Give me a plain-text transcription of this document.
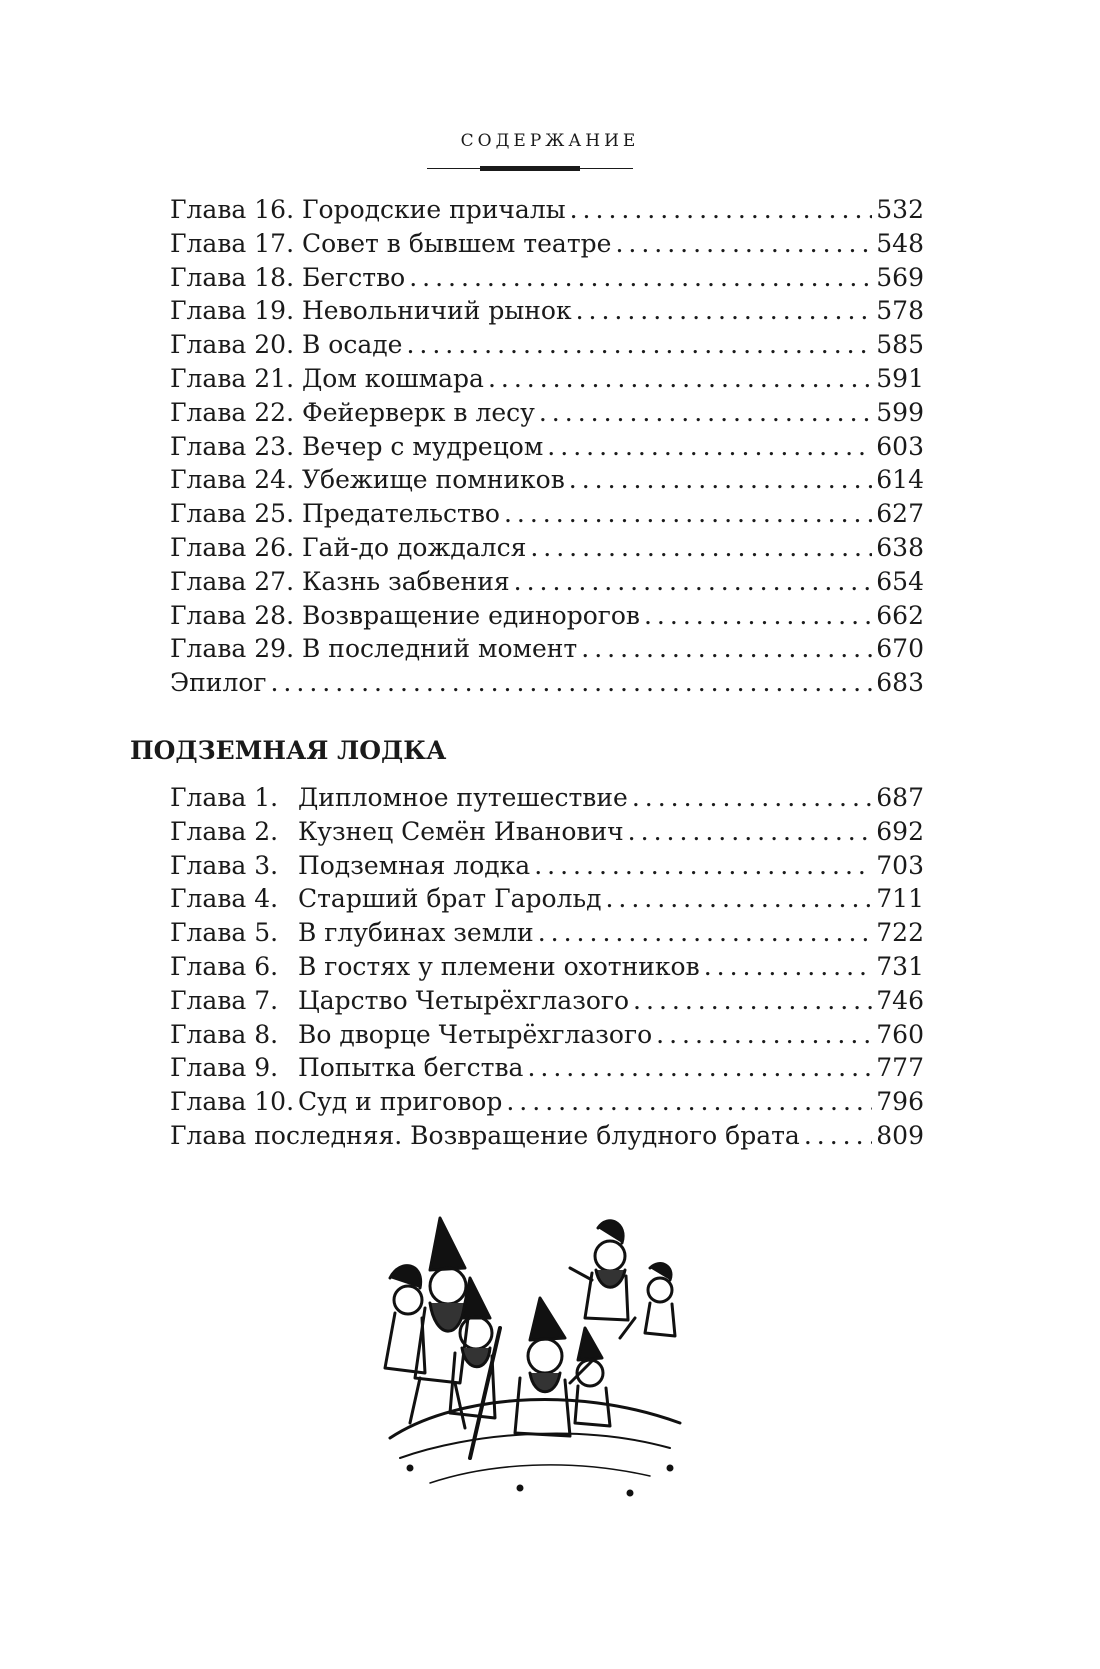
СОДЕРЖАНИЕ
Глава 16. Городские причалы .....	532
Глава 17. Совет в бывшем театре .....	548
Глава 18. Бегство .....	569
Глава 19. Невольничий рынок .....	578
Глава 20. В осаде .....	585
Глава 21. Дом кошмара .....	591
Глава 22. Фейерверк в лесу .....	599
Глава 23. Вечер с мудрецом .....	603
Глава 24. Убежище помников .....	614
Глава 25. Предательство .....	627
Глава 26. Гай-до дождался .....	638
Глава 27. Казнь забвения .....	654
Глава 28. Возвращение единорогов .....	662
Глава 29. В последний момент .....	670
Эпилог .....	683
ПОДЗЕМНАЯ ЛОДКА
Глава 1. Дипломное путешествие .....	687
Глава 2. Кузнец Семён Иванович .....	692
Глава 3. Подземная лодка .....	703
Глава 4. Старший брат Гарольд .....	711
Глава 5. В глубинах земли .....	722
Глава 6. В гостях у племени охотников .....	731
Глава 7. Царство Четырёхглазого .....	746
Глава 8. Во дворце Четырёхглазого .....	760
Глава 9. Попытка бегства .....	777
Глава 10. Суд и приговор .....	796
Глава последняя. Возвращение блудного брата .....	809
